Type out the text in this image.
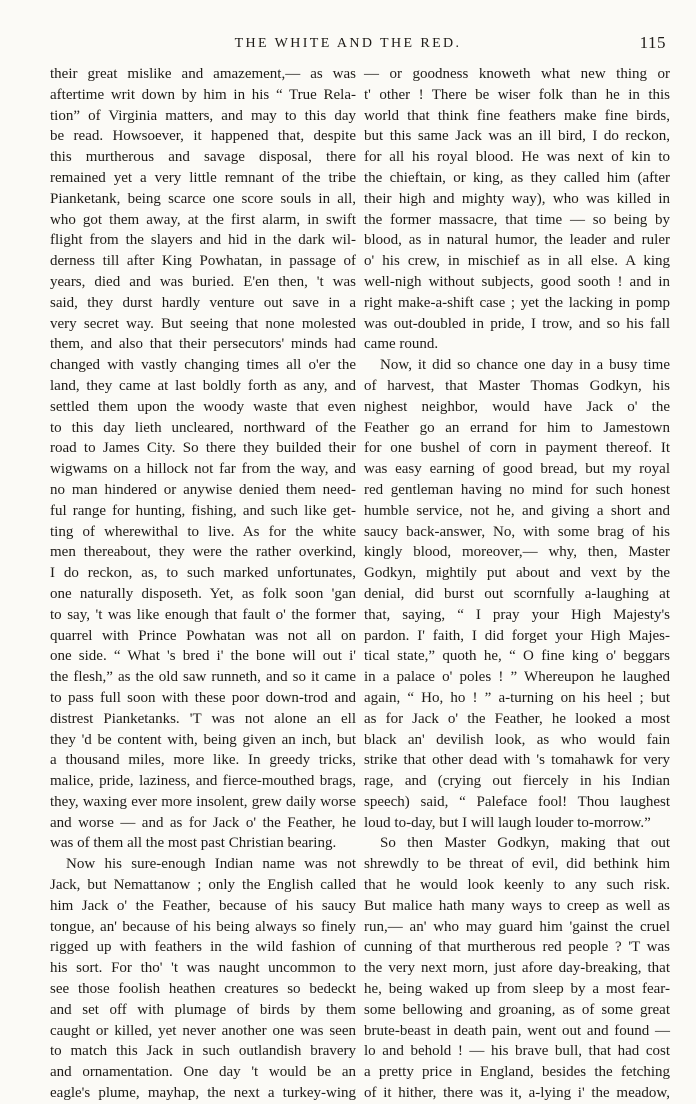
THE WHITE AND THE RED.	115
their great mislike and amazement,— as was
aftertime writ down by him in his “ True Rela-
tion” of Virginia matters, and may to this day
be read. Howsoever, it happened that, despite
this murtherous and savage disposal, there
remained yet a very little remnant of the tribe
Pianketank, being scarce one score souls in all,
who got them away, at the first alarm, in swift
flight from the slayers and hid in the dark wil-
derness till after King Powhatan, in passage of
years, died and was buried. E'en then, 't was
said, they durst hardly venture out save in a
very secret way. But seeing that none molested
them, and also that their persecutors' minds had
changed with vastly changing times all o'er the
land, they came at last boldly forth as any, and
settled them upon the woody waste that even
to this day lieth uncleared, northward of the
road to James City. So there they builded their
wigwams on a hillock not far from the way, and
no man hindered or anywise denied them need-
ful range for hunting, fishing, and such like get-
ting of wherewithal to live. As for the white
men thereabout, they were the rather overkind,
I do reckon, as, to such marked unfortunates,
one naturally disposeth. Yet, as folk soon 'gan
to say, 't was like enough that fault o' the former
quarrel with Prince Powhatan was not all on
one side. “ What 's bred i' the bone will out i'
the flesh,” as the old saw runneth, and so it came
to pass full soon with these poor down-trod and
distrest Pianketanks. 'T was not alone an ell
they 'd be content with, being given an inch, but
a thousand miles, more like. In greedy tricks,
malice, pride, laziness, and fierce-mouthed brags,
they, waxing ever more insolent, grew daily worse
and worse — and as for Jack o' the Feather, he
was of them all the most past Christian bearing.
Now his sure-enough Indian name was not
Jack, but Nemattanow ; only the English called
him Jack o' the Feather, because of his saucy
tongue, an' because of his being always so finely
rigged up with feathers in the wild fashion of
his sort. For tho' 't was naught uncommon to
see those foolish heathen creatures so bedeckt
and set off with plumage of birds by them
caught or killed, yet never another one was seen
to match this Jack in such outlandish bravery
and ornamentation. One day 't would be an
eagle's plume, mayhap, the next a turkey-wing
— or goodness knoweth what new thing or
t' other ! There be wiser folk than he in this
world that think fine feathers make fine birds,
but this same Jack was an ill bird, I do reckon,
for all his royal blood. He was next of kin to
the chieftain, or king, as they called him (after
their high and mighty way), who was killed in
the former massacre, that time — so being by
blood, as in natural humor, the leader and ruler
o' his crew, in mischief as in all else. A king
well-nigh without subjects, good sooth ! and in
right make-a-shift case ; yet the lacking in pomp
was out-doubled in pride, I trow, and so his fall
came round.
Now, it did so chance one day in a busy time
of harvest, that Master Thomas Godkyn, his
nighest neighbor, would have Jack o' the
Feather go an errand for him to Jamestown
for one bushel of corn in payment thereof. It
was easy earning of good bread, but my royal
red gentleman having no mind for such honest
humble service, not he, and giving a short and
saucy back-answer, No, with some brag of his
kingly blood, moreover,— why, then, Master
Godkyn, mightily put about and vext by the
denial, did burst out scornfully a-laughing at
that, saying, “ I pray your High Majesty's
pardon. I' faith, I did forget your High Majes-
tical state,” quoth he, “ O fine king o' beggars
in a palace o' poles ! ” Whereupon he laughed
again, “ Ho, ho ! ” a-turning on his heel ; but
as for Jack o' the Feather, he looked a most
black an' devilish look, as who would fain
strike that other dead with 's tomahawk for very
rage, and (crying out fiercely in his Indian
speech) said, “ Paleface fool! Thou laughest
loud to-day, but I will laugh louder to-morrow.”
So then Master Godkyn, making that out
shrewdly to be threat of evil, did bethink him
that he would look keenly to any such risk.
But malice hath many ways to creep as well as
run,— an' who may guard him 'gainst the cruel
cunning of that murtherous red people ? 'T was
the very next morn, just afore day-breaking, that
he, being waked up from sleep by a most fear-
some bellowing and groaning, as of some great
brute-beast in death pain, went out and found —
lo and behold ! — his brave bull, that had cost
a pretty price in England, besides the fetching
of it hither, there was it, a-lying i' the meadow,
